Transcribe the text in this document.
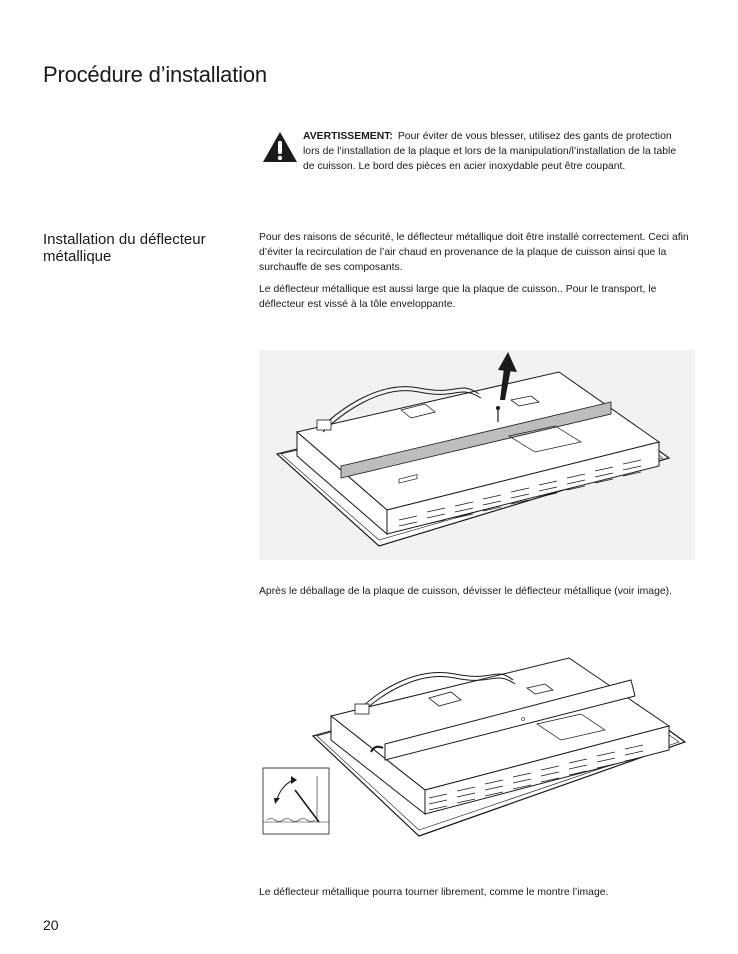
Procédure d’installation
AVERTISSEMENT: Pour éviter de vous blesser, utilisez des gants de protection lors de l’installation de la plaque et lors de la manipulation/l’installation de la table de cuisson. Le bord des pièces en acier inoxydable peut être coupant.
Installation du déflecteur métallique

Pour des raisons de sécurité, le déflecteur métallique doit être installé correctement. Ceci afin d’éviter la recirculation de l’air chaud en provenance de la plaque de cuisson ainsi que la surchauffe de ses composants.

Le déflecteur métallique est aussi large que la plaque de cuisson.. Pour le transport, le déflecteur est vissé à la tôle enveloppante.

Après le déballage de la plaque de cuisson, dévisser le déflecteur métallique (voir image).

Le déflecteur métallique pourra tourner librement, comme le montre l’image.

20
